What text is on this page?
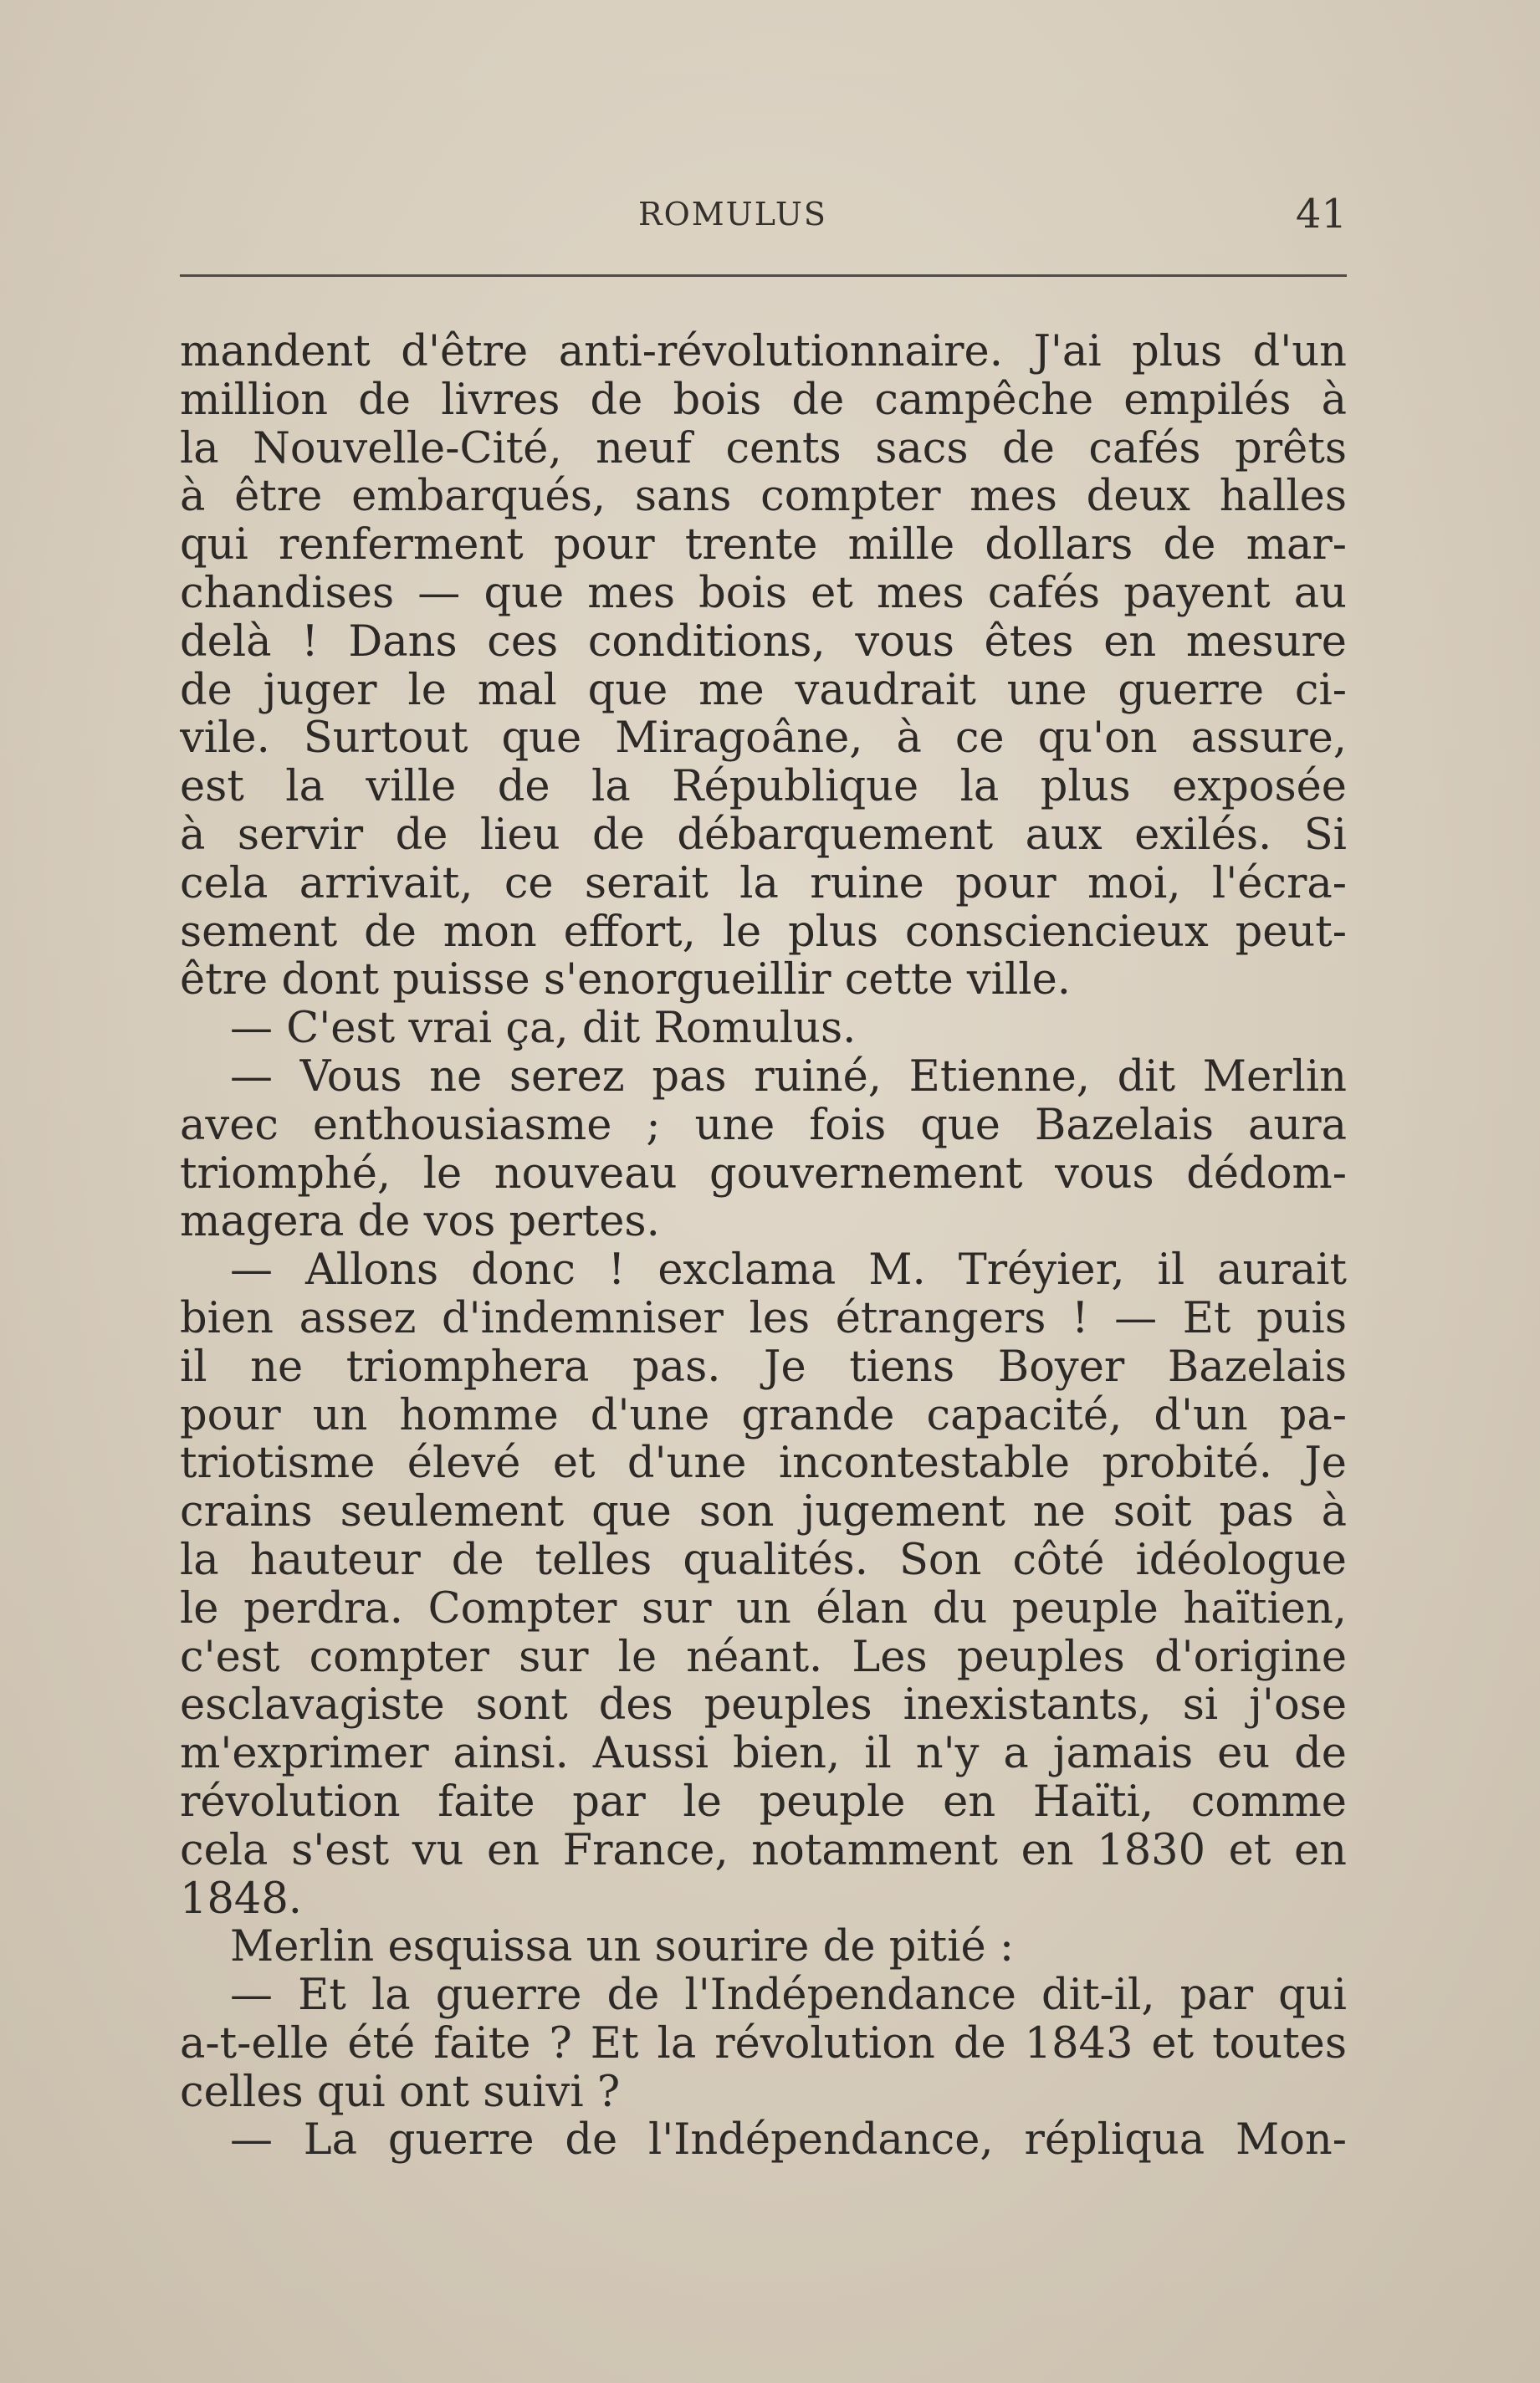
ROMULUS	41
mandent d'être anti-révolutionnaire. J'ai plus d'un
million de livres de bois de campêche empilés à
la Nouvelle-Cité, neuf cents sacs de cafés prêts
à être embarqués, sans compter mes deux halles
qui renferment pour trente mille dollars de mar-
chandises — que mes bois et mes cafés payent au
delà ! Dans ces conditions, vous êtes en mesure
de juger le mal que me vaudrait une guerre ci-
vile. Surtout que Miragoâne, à ce qu'on assure,
est la ville de la République la plus exposée
à servir de lieu de débarquement aux exilés. Si
cela arrivait, ce serait la ruine pour moi, l'écra-
sement de mon effort, le plus consciencieux peut-
être dont puisse s'enorgueillir cette ville.
— C'est vrai ça, dit Romulus.
— Vous ne serez pas ruiné, Etienne, dit Merlin
avec enthousiasme ; une fois que Bazelais aura
triomphé, le nouveau gouvernement vous dédom-
magera de vos pertes.
— Allons donc ! exclama M. Tréyier, il aurait
bien assez d'indemniser les étrangers ! — Et puis
il ne triomphera pas. Je tiens Boyer Bazelais
pour un homme d'une grande capacité, d'un pa-
triotisme élevé et d'une incontestable probité. Je
crains seulement que son jugement ne soit pas à
la hauteur de telles qualités. Son côté idéologue
le perdra. Compter sur un élan du peuple haïtien,
c'est compter sur le néant. Les peuples d'origine
esclavagiste sont des peuples inexistants, si j'ose
m'exprimer ainsi. Aussi bien, il n'y a jamais eu de
révolution faite par le peuple en Haïti, comme
cela s'est vu en France, notamment en 1830 et en
1848.
Merlin esquissa un sourire de pitié :
— Et la guerre de l'Indépendance dit-il, par qui
a-t-elle été faite ? Et la révolution de 1843 et toutes
celles qui ont suivi ?
— La guerre de l'Indépendance, répliqua Mon-
